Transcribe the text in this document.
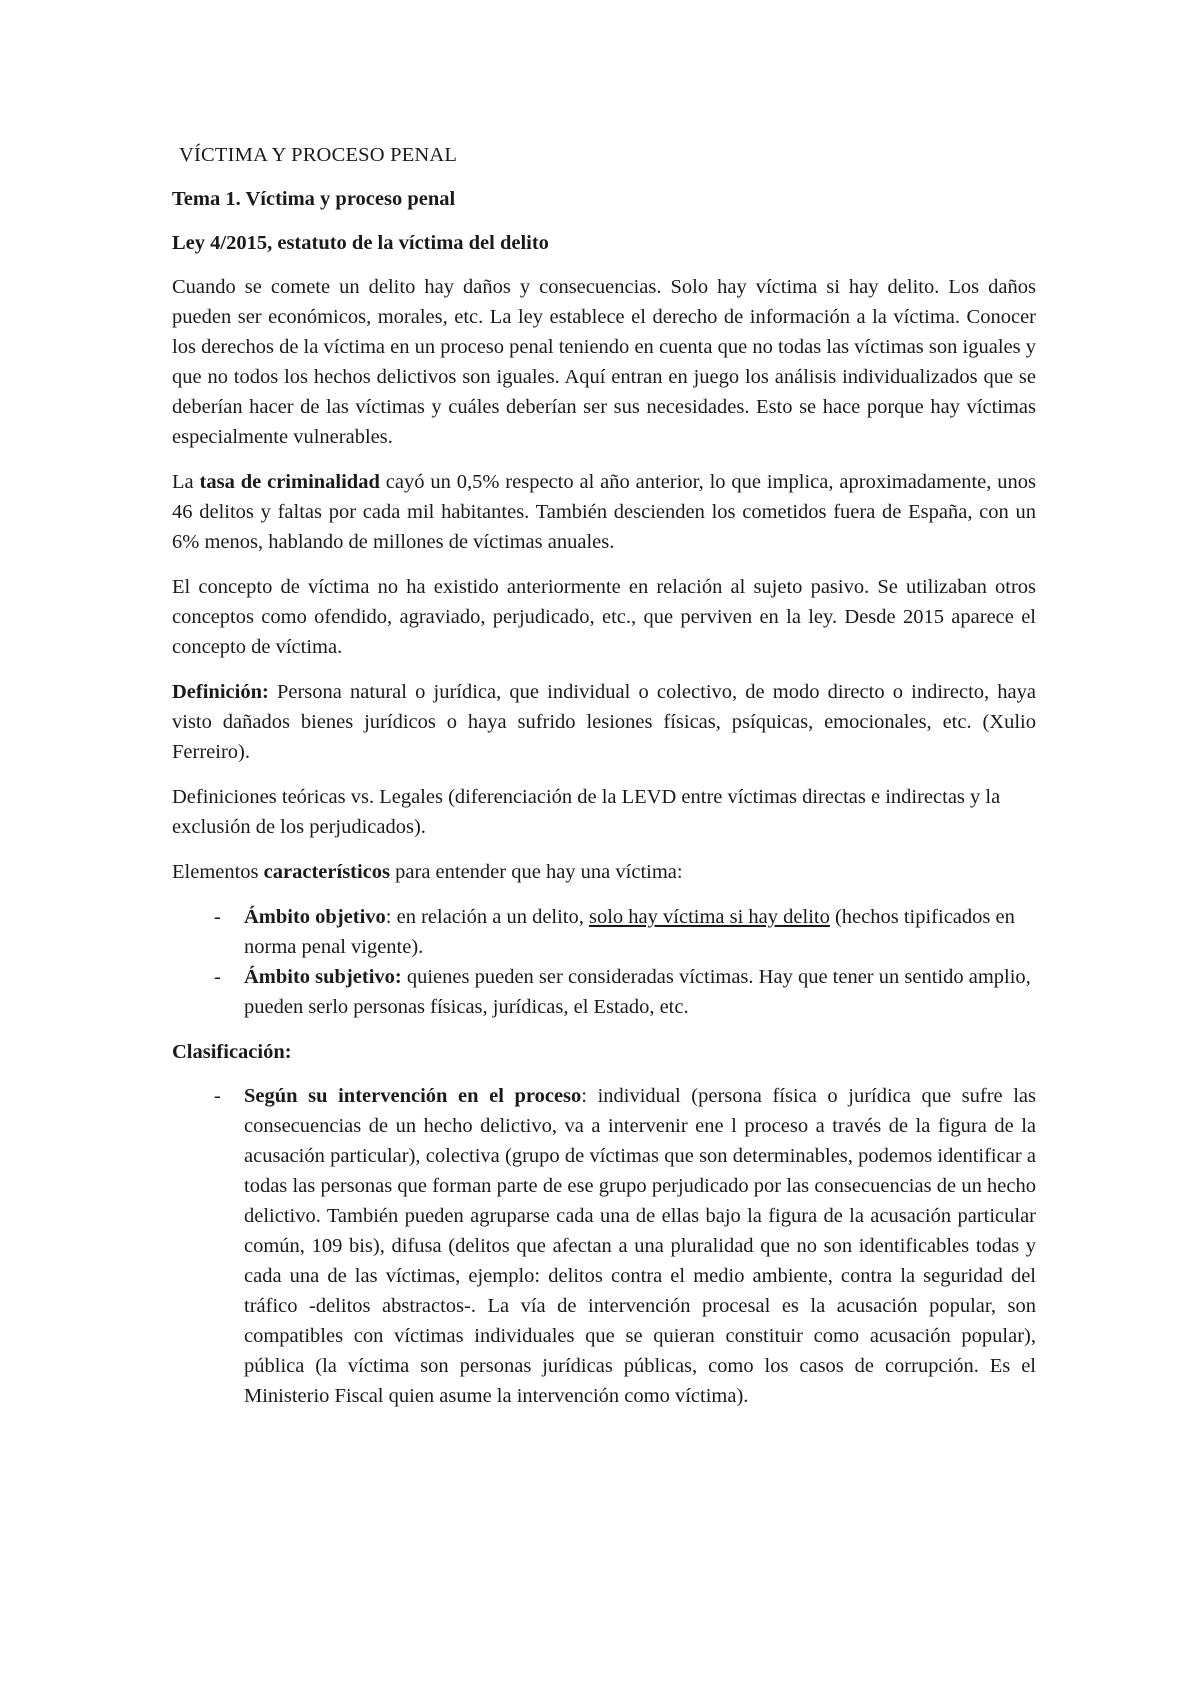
VÍCTIMA Y PROCESO PENAL
Tema 1. Víctima y proceso penal
Ley 4/2015, estatuto de la víctima del delito

Cuando se comete un delito hay daños y consecuencias. Solo hay víctima si hay delito. Los daños pueden ser económicos, morales, etc. La ley establece el derecho de información a la víctima. Conocer los derechos de la víctima en un proceso penal teniendo en cuenta que no todas las víctimas son iguales y que no todos los hechos delictivos son iguales. Aquí entran en juego los análisis individualizados que se deberían hacer de las víctimas y cuáles deberían ser sus necesidades. Esto se hace porque hay víctimas especialmente vulnerables.

La tasa de criminalidad cayó un 0,5% respecto al año anterior, lo que implica, aproximadamente, unos 46 delitos y faltas por cada mil habitantes. También descienden los cometidos fuera de España, con un 6% menos, hablando de millones de víctimas anuales.

El concepto de víctima no ha existido anteriormente en relación al sujeto pasivo. Se utilizaban otros conceptos como ofendido, agraviado, perjudicado, etc., que perviven en la ley. Desde 2015 aparece el concepto de víctima.

Definición: Persona natural o jurídica, que individual o colectivo, de modo directo o indirecto, haya visto dañados bienes jurídicos o haya sufrido lesiones físicas, psíquicas, emocionales, etc. (Xulio Ferreiro).

Definiciones teóricas vs. Legales (diferenciación de la LEVD entre víctimas directas e indirectas y la exclusión de los perjudicados).

Elementos característicos para entender que hay una víctima:

- Ámbito objetivo: en relación a un delito, solo hay víctima si hay delito (hechos tipificados en norma penal vigente).
- Ámbito subjetivo: quienes pueden ser consideradas víctimas. Hay que tener un sentido amplio, pueden serlo personas físicas, jurídicas, el Estado, etc.
Clasificación:
- Según su intervención en el proceso: individual (persona física o jurídica que sufre las consecuencias de un hecho delictivo, va a intervenir ene l proceso a través de la figura de la acusación particular), colectiva (grupo de víctimas que son determinables, podemos identificar a todas las personas que forman parte de ese grupo perjudicado por las consecuencias de un hecho delictivo. También pueden agruparse cada una de ellas bajo la figura de la acusación particular común, 109 bis), difusa (delitos que afectan a una pluralidad que no son identificables todas y cada una de las víctimas, ejemplo: delitos contra el medio ambiente, contra la seguridad del tráfico -delitos abstractos-. La vía de intervención procesal es la acusación popular, son compatibles con víctimas individuales que se quieran constituir como acusación popular), pública (la víctima son personas jurídicas públicas, como los casos de corrupción. Es el Ministerio Fiscal quien asume la intervención como víctima).
